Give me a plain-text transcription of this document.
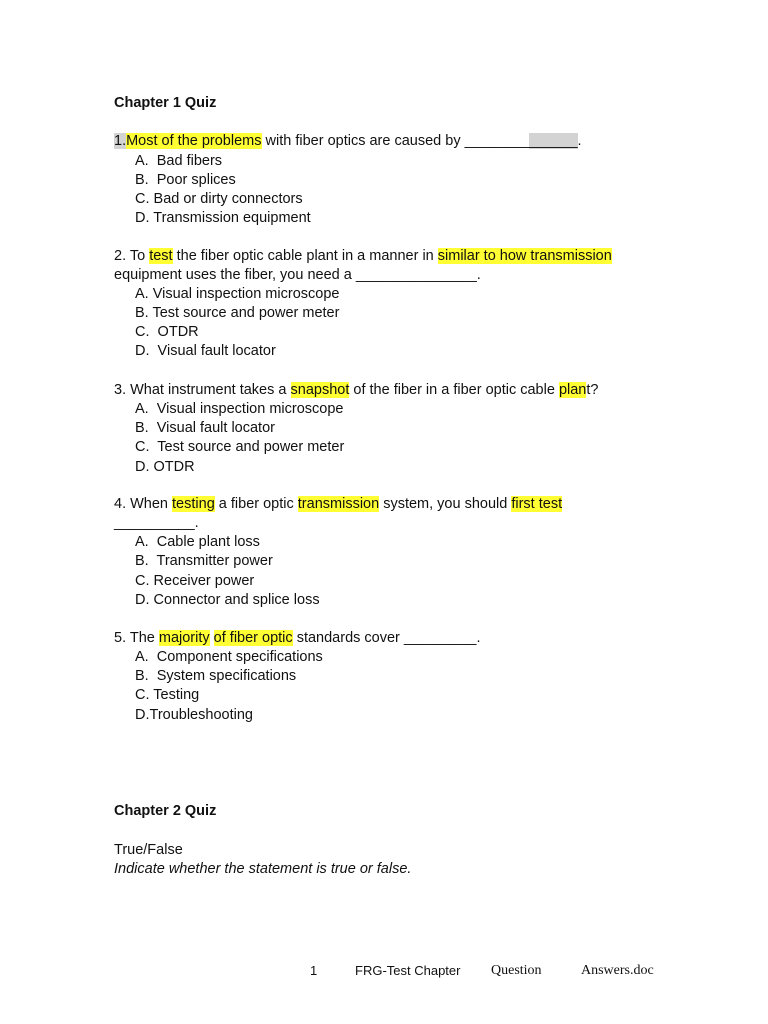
Chapter 1 Quiz
1.Most of the problems with fiber optics are caused by ______________.
A.  Bad fibers
B.  Poor splices
C. Bad or dirty connectors
D. Transmission equipment
2. To test the fiber optic cable plant in a manner in similar to how transmission
equipment uses the fiber, you need a _______________.
A. Visual inspection microscope
B. Test source and power meter
C.  OTDR
D.  Visual fault locator
3. What instrument takes a snapshot of the fiber in a fiber optic cable plant?
A.  Visual inspection microscope
B.  Visual fault locator
C.  Test source and power meter
D. OTDR
4. When testing a fiber optic transmission system, you should first test
__________.
A.  Cable plant loss
B.  Transmitter power
C. Receiver power
D. Connector and splice loss
5. The majority of fiber optic standards cover _________.
A.  Component specifications
B.  System specifications
C. Testing
D.Troubleshooting
Chapter 2 Quiz
True/False
Indicate whether the statement is true or false.
1	FRG-Test Chapter Question	Answers.doc
